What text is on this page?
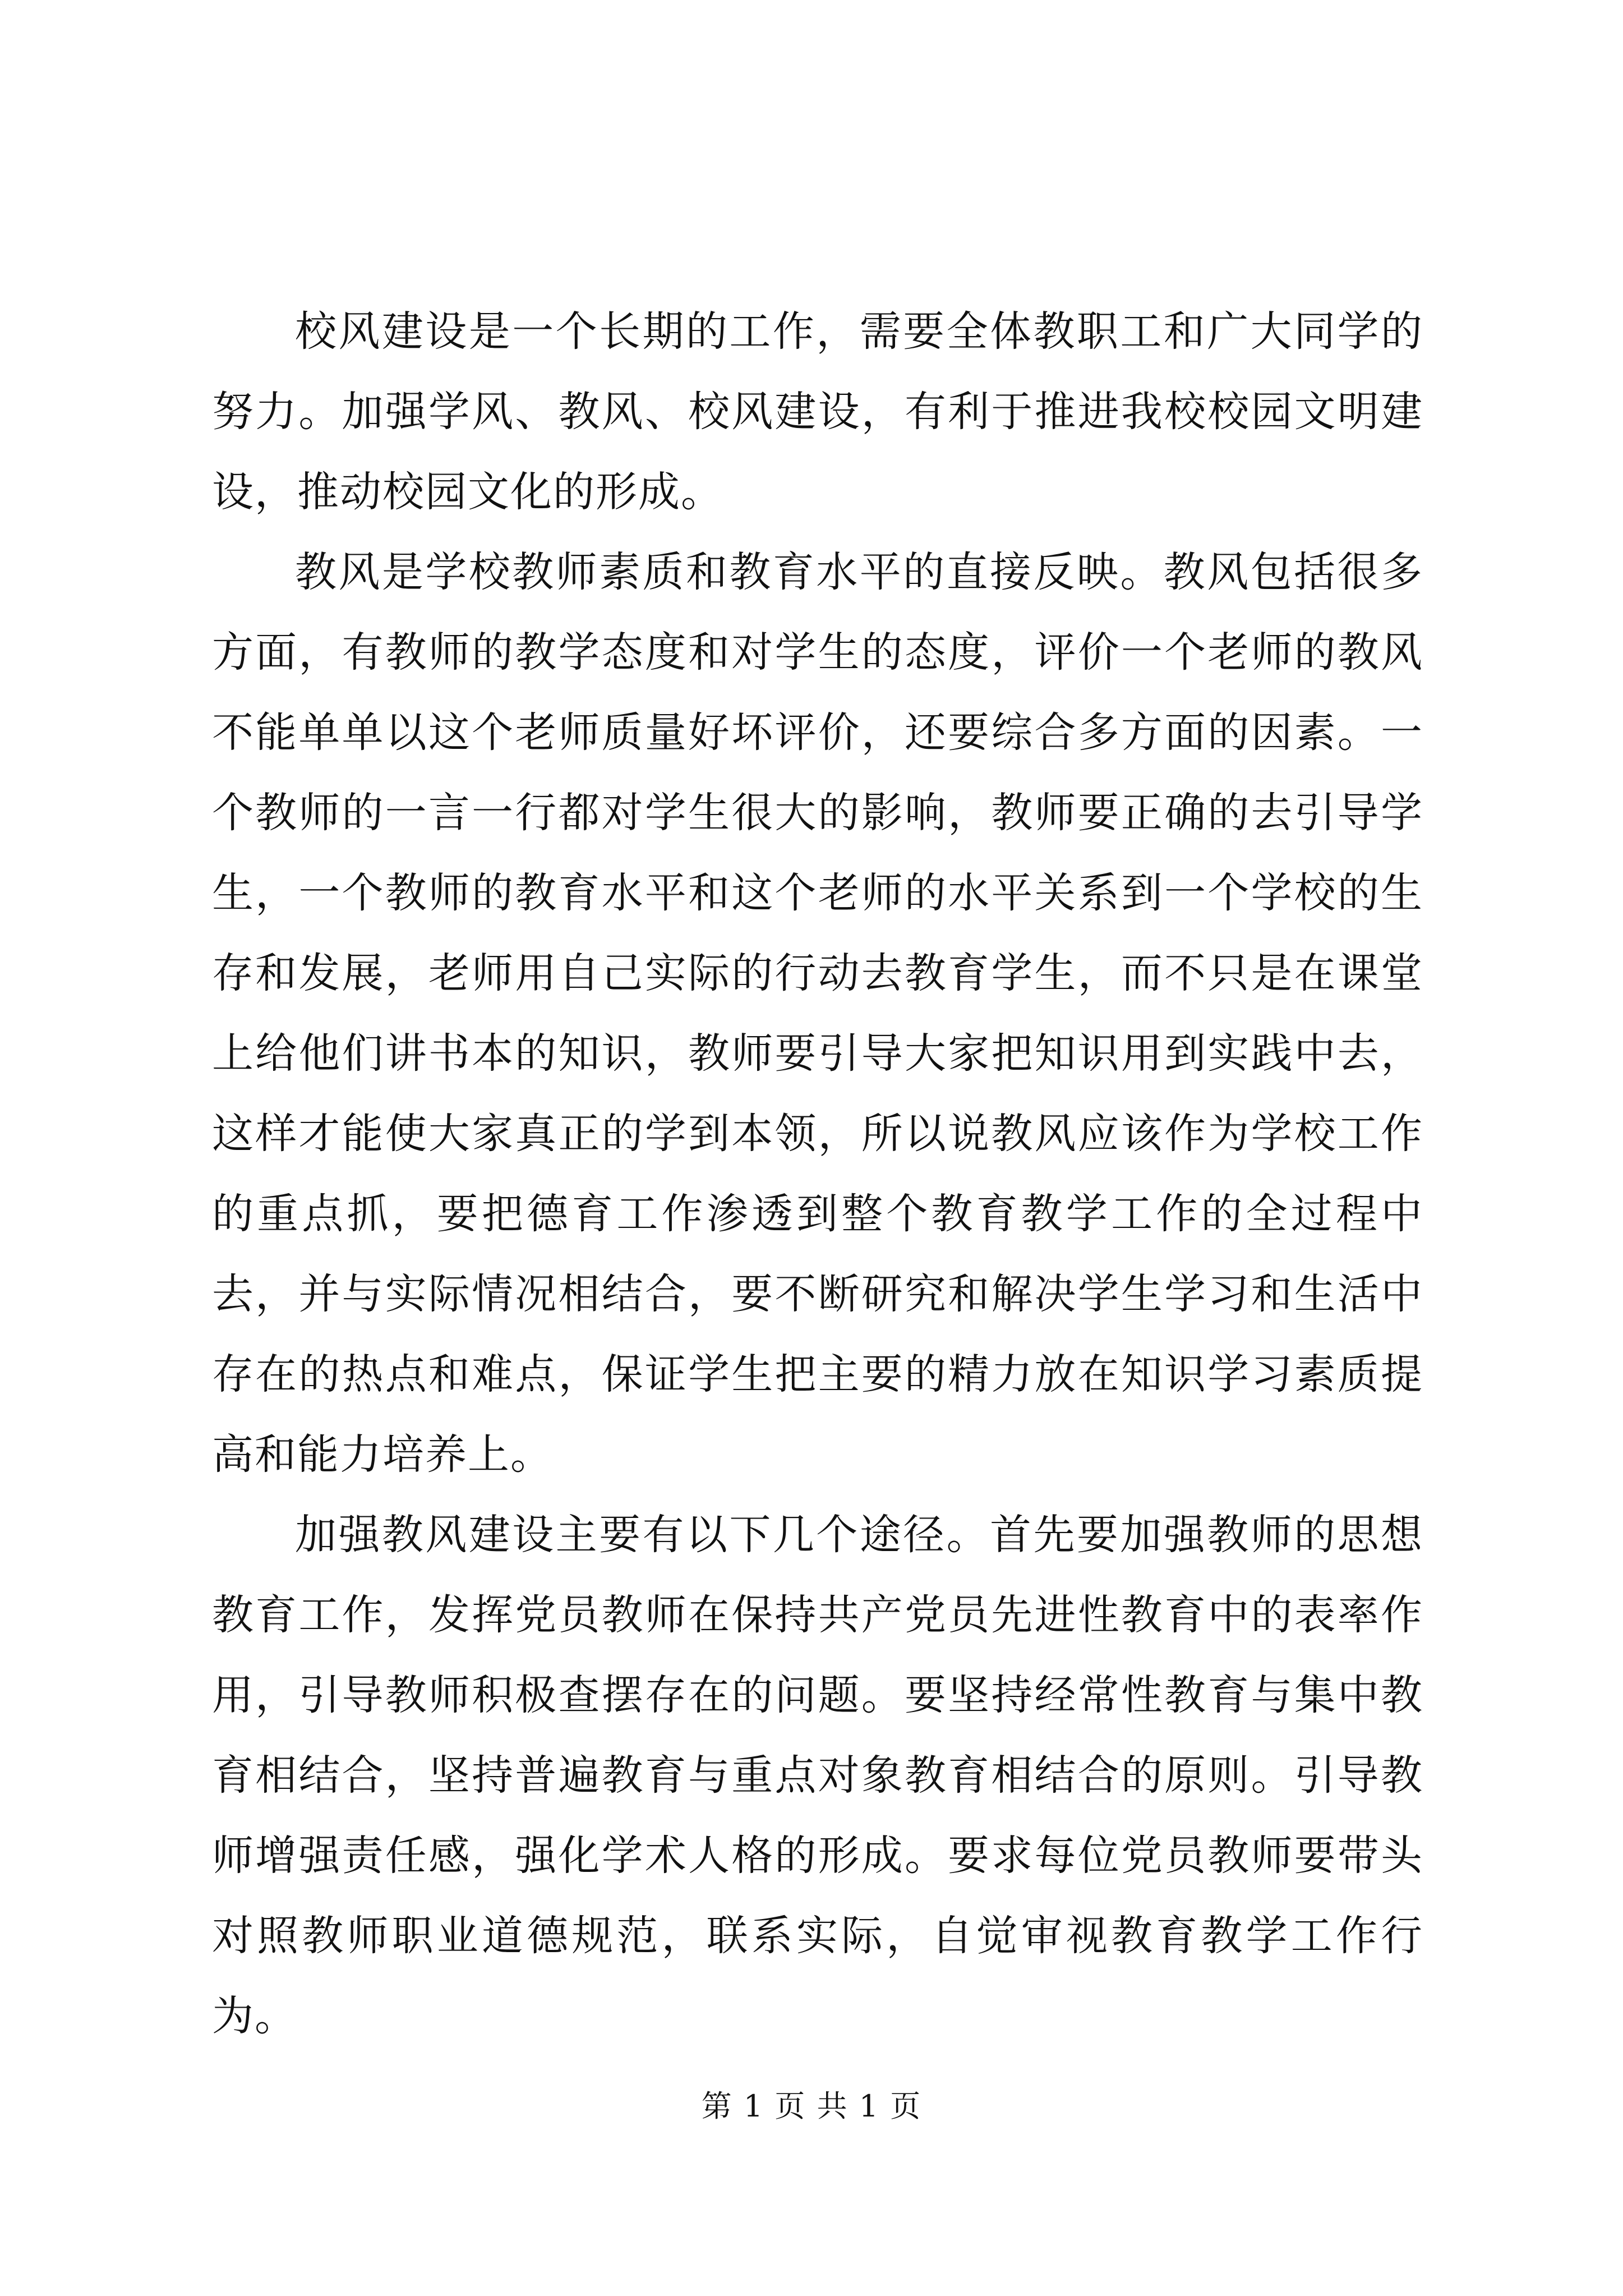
校风建设是一个长期的工作，需要全体教职工和广大同学的努力。加强学风、教风、校风建设，有利于推进我校校园文明建设，推动校园文化的形成。

教风是学校教师素质和教育水平的直接反映。教风包括很多方面，有教师的教学态度和对学生的态度，评价一个老师的教风不能单单以这个老师质量好坏评价，还要综合多方面的因素。一个教师的一言一行都对学生很大的影响，教师要正确的去引导学生，一个教师的教育水平和这个老师的水平关系到一个学校的生存和发展，老师用自己实际的行动去教育学生，而不只是在课堂上给他们讲书本的知识，教师要引导大家把知识用到实践中去，这样才能使大家真正的学到本领，所以说教风应该作为学校工作的重点抓，要把德育工作渗透到整个教育教学工作的全过程中去，并与实际情况相结合，要不断研究和解决学生学习和生活中存在的热点和难点，保证学生把主要的精力放在知识学习素质提高和能力培养上。

加强教风建设主要有以下几个途径。首先要加强教师的思想教育工作，发挥党员教师在保持共产党员先进性教育中的表率作用，引导教师积极查摆存在的问题。要坚持经常性教育与集中教育相结合，坚持普遍教育与重点对象教育相结合的原则。引导教师增强责任感，强化学术人格的形成。要求每位党员教师要带头对照教师职业道德规范，联系实际，自觉审视教育教学工作行为。

第 1 页 共 1 页
